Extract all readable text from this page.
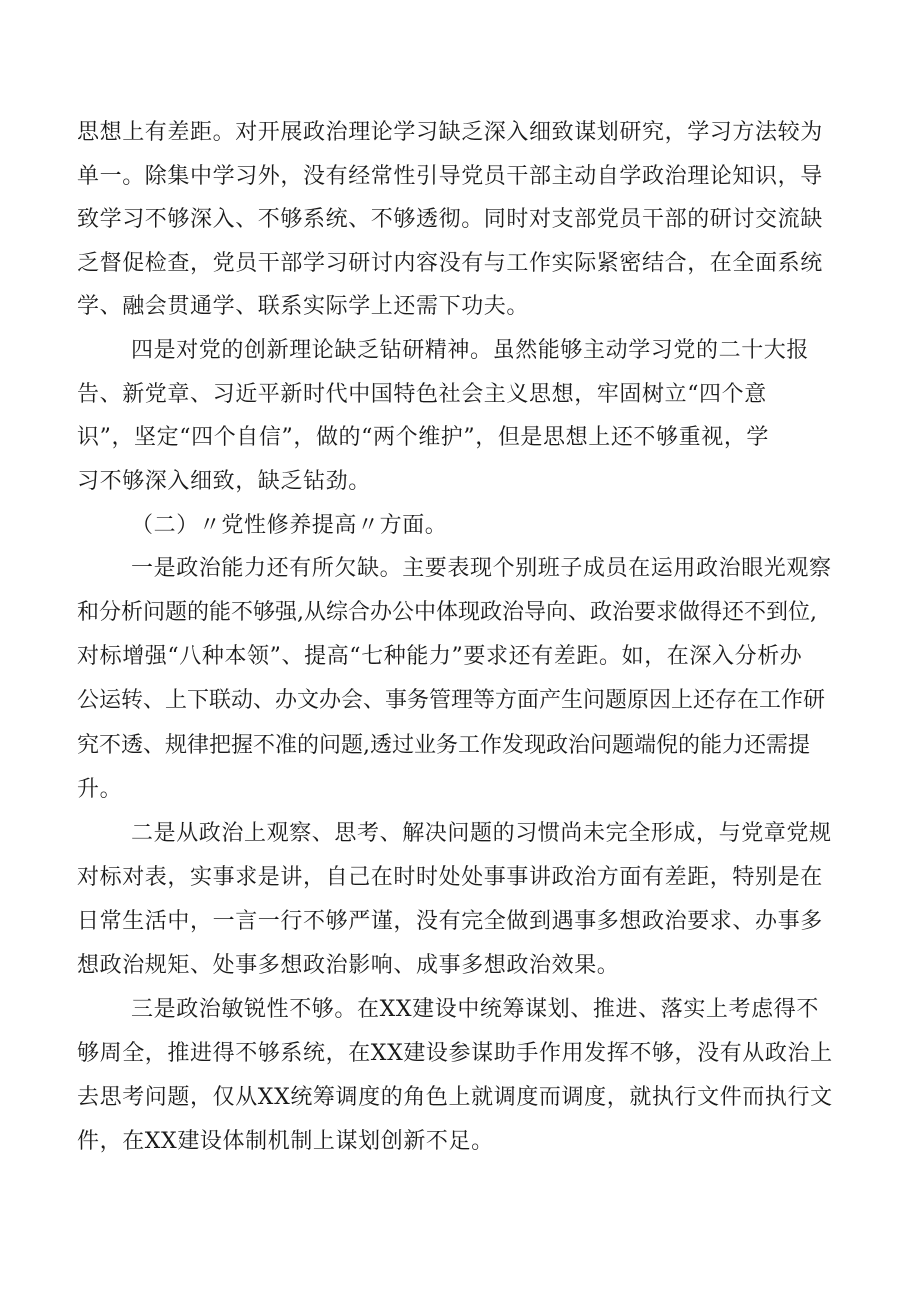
思想上有差距。对开展政治理论学习缺乏深入细致谋划研究，学习方法较为
单一。除集中学习外，没有经常性引导党员干部主动自学政治理论知识，导
致学习不够深入、不够系统、不够透彻。同时对支部党员干部的研讨交流缺
乏督促检查，党员干部学习研讨内容没有与工作实际紧密结合，在全面系统
学、融会贯通学、联系实际学上还需下功夫。
四是对党的创新理论缺乏钻研精神。虽然能够主动学习党的二十大报
告、新党章、习近平新时代中国特色社会主义思想，牢固树立“四个意
识”，坚定“四个自信”，做的“两个维护”，但是思想上还不够重视，学
习不够深入细致，缺乏钻劲。
（二）〃党性修养提高〃方面。
一是政治能力还有所欠缺。主要表现个别班子成员在运用政治眼光观察
和分析问题的能不够强,从综合办公中体现政治导向、政治要求做得还不到位,
对标增强“八种本领”、提高“七种能力”要求还有差距。如，在深入分析办
公运转、上下联动、办文办会、事务管理等方面产生问题原因上还存在工作研
究不透、规律把握不准的问题,透过业务工作发现政治问题端倪的能力还需提
升。
二是从政治上观察、思考、解决问题的习惯尚未完全形成，与党章党规
对标对表，实事求是讲，自己在时时处处事事讲政治方面有差距，特别是在
日常生活中，一言一行不够严谨，没有完全做到遇事多想政治要求、办事多
想政治规矩、处事多想政治影响、成事多想政治效果。
三是政治敏锐性不够。在XX建设中统筹谋划、推进、落实上考虑得不
够周全，推进得不够系统，在XX建设参谋助手作用发挥不够，没有从政治上
去思考问题，仅从XX统筹调度的角色上就调度而调度，就执行文件而执行文
件，在XX建设体制机制上谋划创新不足。
